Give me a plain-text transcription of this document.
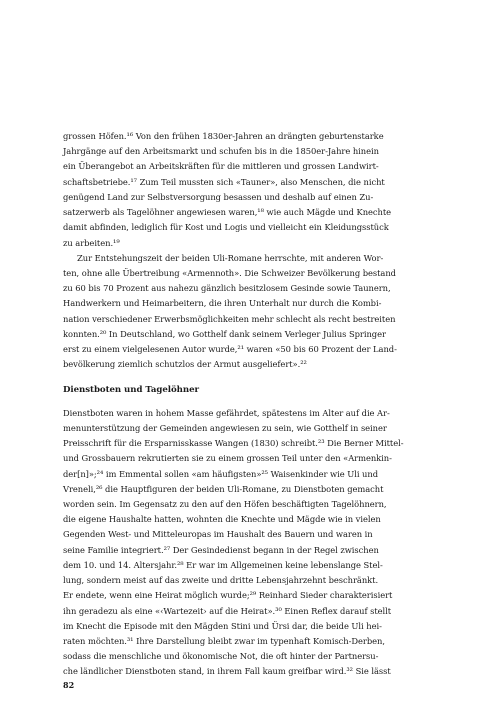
grossen Höfen.¹⁶ Von den frühen 1830er-Jahren an drängten geburtenstarke
Jahrgänge auf den Arbeitsmarkt und schufen bis in die 1850er-Jahre hinein
ein Überangebot an Arbeitskräften für die mittleren und grossen Landwirt-
schaftsbetriebe.¹⁷ Zum Teil mussten sich «Tauner», also Menschen, die nicht
genügend Land zur Selbstversorgung besassen und deshalb auf einen Zu-
satzerwerb als Tagelöhner angewiesen waren,¹⁸ wie auch Mägde und Knechte
damit abfinden, lediglich für Kost und Logis und vielleicht ein Kleidungsstück
zu arbeiten.¹⁹
Zur Entstehungszeit der beiden Uli-Romane herrschte, mit anderen Wor-
ten, ohne alle Übertreibung «Armennoth». Die Schweizer Bevölkerung bestand
zu 60 bis 70 Prozent aus nahezu gänzlich besitzlosem Gesinde sowie Taunern,
Handwerkern und Heimarbeitern, die ihren Unterhalt nur durch die Kombi-
nation verschiedener Erwerbsmöglichkeiten mehr schlecht als recht bestreiten
konnten.²⁰ In Deutschland, wo Gotthelf dank seinem Verleger Julius Springer
erst zu einem vielgelesenen Autor wurde,²¹ waren «50 bis 60 Prozent der Land-
bevölkerung ziemlich schutzlos der Armut ausgeliefert».²²
Dienstboten und Tagelöhner
Dienstboten waren in hohem Masse gefährdet, spätestens im Alter auf die Ar-
menunterstützung der Gemeinden angewiesen zu sein, wie Gotthelf in seiner
Preisschrift für die Ersparnisskasse Wangen (1830) schreibt.²³ Die Berner Mittel-
und Grossbauern rekrutierten sie zu einem grossen Teil unter den «Armenkin-
der[n]»;²⁴ im Emmental sollen «am häufigsten»²⁵ Waisenkinder wie Uli und
Vreneli,²⁶ die Hauptfiguren der beiden Uli-Romane, zu Dienstboten gemacht
worden sein. Im Gegensatz zu den auf den Höfen beschäftigten Tagelöhnern,
die eigene Haushalte hatten, wohnten die Knechte und Mägde wie in vielen
Gegenden West- und Mitteleuropas im Haushalt des Bauern und waren in
seine Familie integriert.²⁷ Der Gesindedienst begann in der Regel zwischen
dem 10. und 14. Altersjahr.²⁸ Er war im Allgemeinen keine lebenslange Stel-
lung, sondern meist auf das zweite und dritte Lebensjahrzehnt beschränkt.
Er endete, wenn eine Heirat möglich wurde;²⁹ Reinhard Sieder charakterisiert
ihn geradezu als eine «‹Wartezeit› auf die Heirat».³⁰ Einen Reflex darauf stellt
im Knecht die Episode mit den Mägden Stini und Ürsi dar, die beide Uli hei-
raten möchten.³¹ Ihre Darstellung bleibt zwar im typenhaft Komisch-Derben,
sodass die menschliche und ökonomische Not, die oft hinter der Partnersu-
che ländlicher Dienstboten stand, in ihrem Fall kaum greifbar wird.³² Sie lässt
82
